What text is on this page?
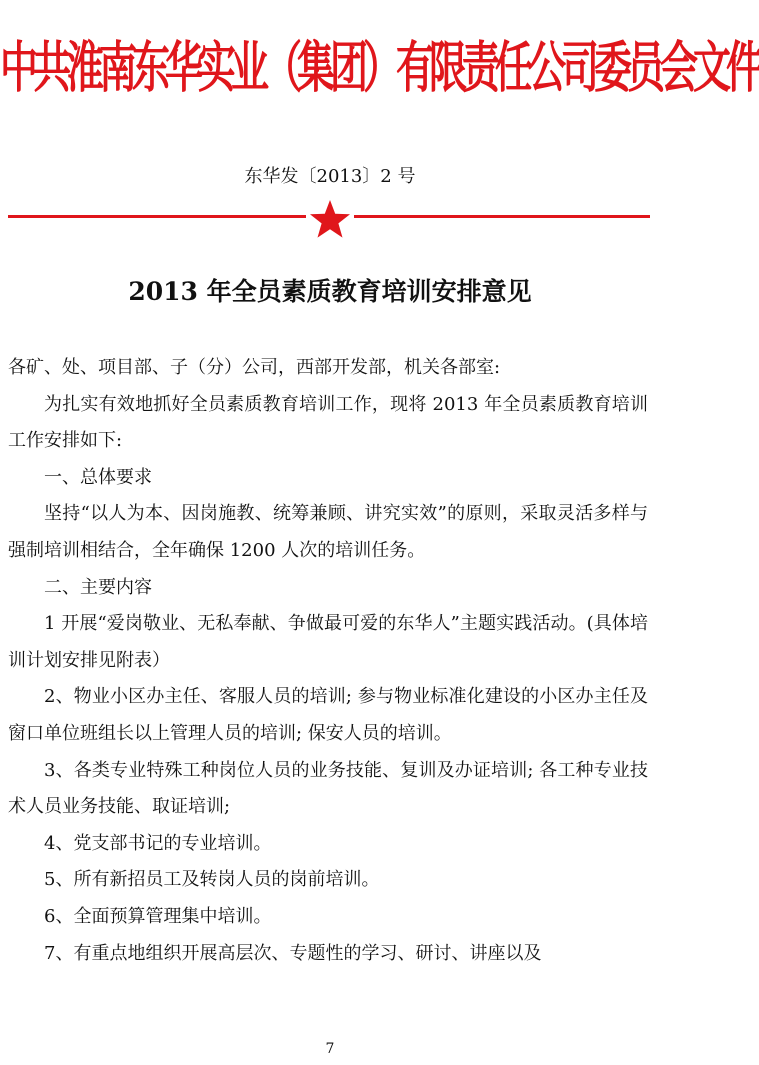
中共淮南东华实业（集团）有限责任公司委员会文件
东华发〔2013〕2 号
2013 年全员素质教育培训安排意见

各矿、处、项目部、子（分）公司，西部开发部，机关各部室:

为扎实有效地抓好全员素质教育培训工作，现将 2013 年全员素质教育培训工作安排如下:

一、总体要求

坚持“以人为本、因岗施教、统筹兼顾、讲究实效”的原则，采取灵活多样与强制培训相结合，全年确保 1200 人次的培训任务。

二、主要内容

1 开展“爱岗敬业、无私奉献、争做最可爱的东华人”主题实践活动。(具体培训计划安排见附表）

2、物业小区办主任、客服人员的培训; 参与物业标准化建设的小区办主任及窗口单位班组长以上管理人员的培训; 保安人员的培训。

3、各类专业特殊工种岗位人员的业务技能、复训及办证培训; 各工种专业技术人员业务技能、取证培训;

4、党支部书记的专业培训。

5、所有新招员工及转岗人员的岗前培训。

6、全面预算管理集中培训。

7、有重点地组织开展高层次、专题性的学习、研讨、讲座以及

7
